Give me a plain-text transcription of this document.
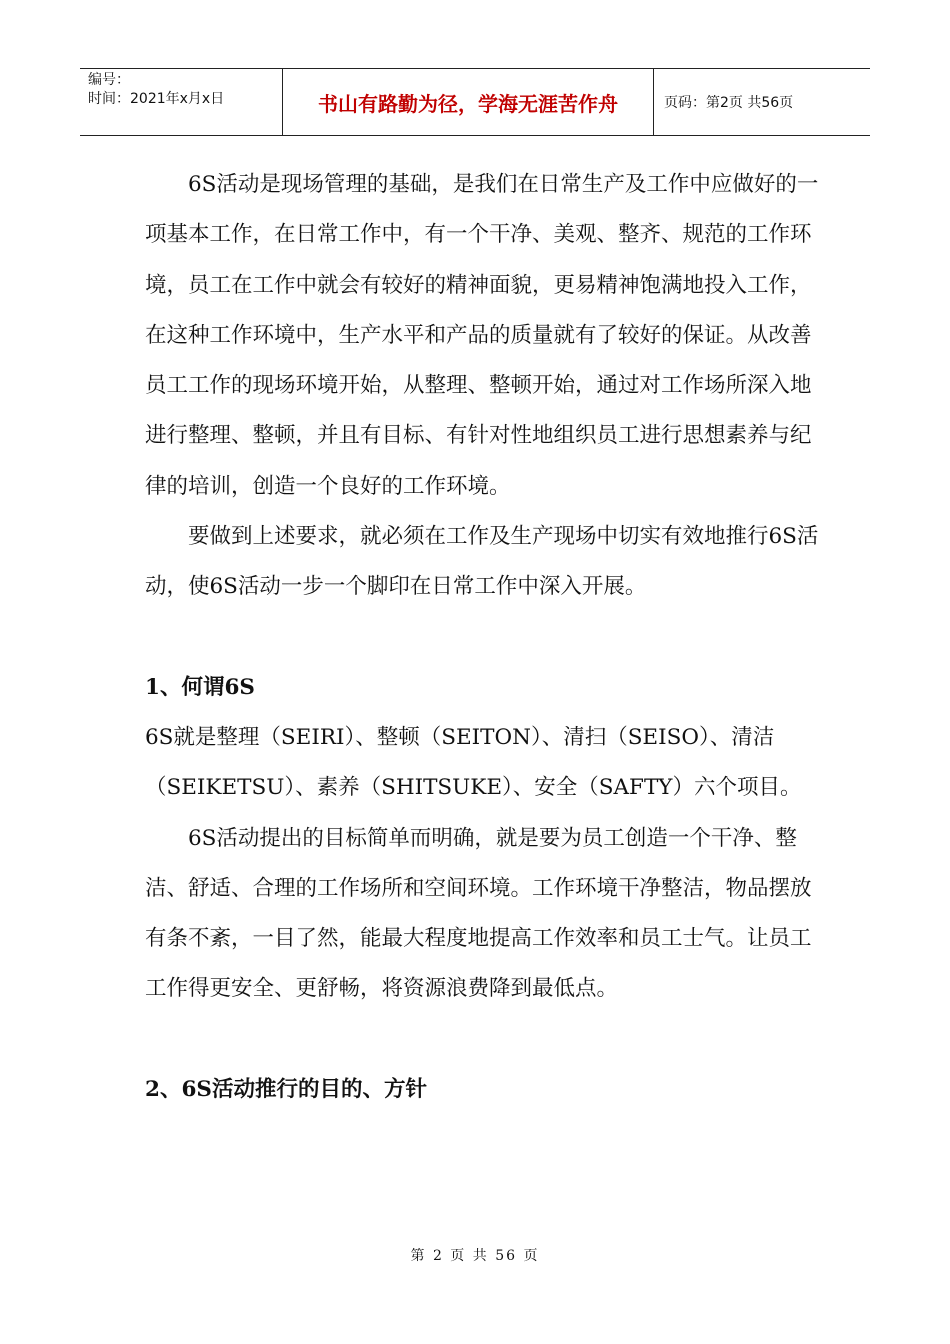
编号：
时间：2021年x月x日	书山有路勤为径，学海无涯苦作舟	页码：第2页 共56页

6S活动是现场管理的基础，是我们在日常生产及工作中应做好的一项基本工作，在日常工作中，有一个干净、美观、整齐、规范的工作环境，员工在工作中就会有较好的精神面貌，更易精神饱满地投入工作，在这种工作环境中，生产水平和产品的质量就有了较好的保证。从改善员工工作的现场环境开始，从整理、整顿开始，通过对工作场所深入地进行整理、整顿，并且有目标、有针对性地组织员工进行思想素养与纪律的培训，创造一个良好的工作环境。

要做到上述要求，就必须在工作及生产现场中切实有效地推行6S活动，使6S活动一步一个脚印在日常工作中深入开展。

1、何谓6S

6S就是整理（SEIRI）、整顿（SEITON）、清扫（SEISO）、清洁（SEIKETSU）、素养（SHITSUKE）、安全（SAFTY）六个项目。

6S活动提出的目标简单而明确，就是要为员工创造一个干净、整洁、舒适、合理的工作场所和空间环境。工作环境干净整洁，物品摆放有条不紊，一目了然，能最大程度地提高工作效率和员工士气。让员工工作得更安全、更舒畅，将资源浪费降到最低点。

2、6S活动推行的目的、方针

第 2 页 共 56 页
